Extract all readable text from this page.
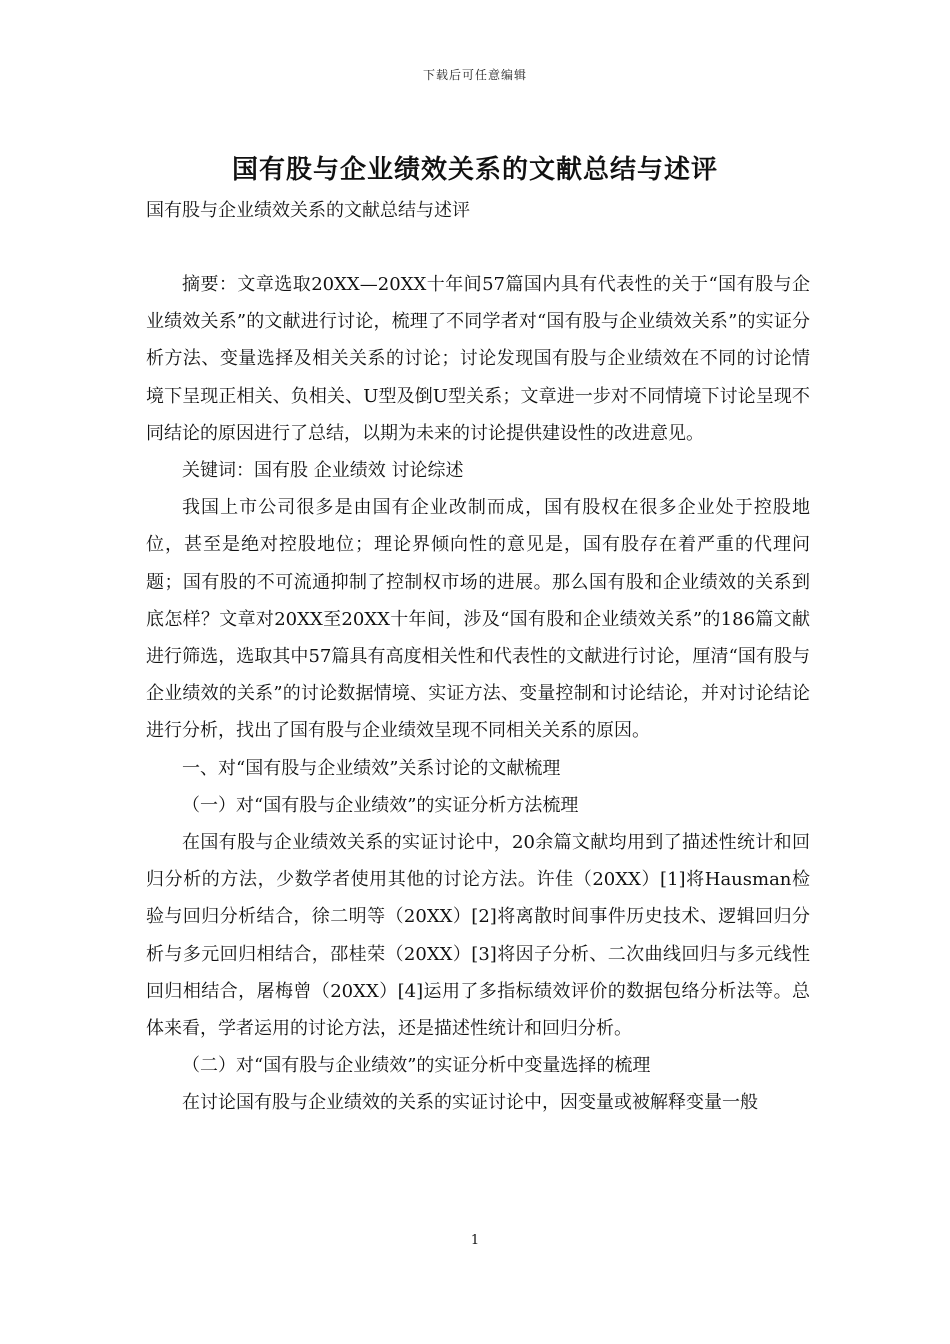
下载后可任意编辑
国有股与企业绩效关系的文献总结与述评
国有股与企业绩效关系的文献总结与述评

摘要：文章选取20XX—20XX十年间57篇国内具有代表性的关于“国有股与企业绩效关系”的文献进行讨论，梳理了不同学者对“国有股与企业绩效关系”的实证分析方法、变量选择及相关关系的讨论；讨论发现国有股与企业绩效在不同的讨论情境下呈现正相关、负相关、U型及倒U型关系；文章进一步对不同情境下讨论呈现不同结论的原因进行了总结，以期为未来的讨论提供建设性的改进意见。

关键词：国有股 企业绩效 讨论综述

我国上市公司很多是由国有企业改制而成，国有股权在很多企业处于控股地位，甚至是绝对控股地位；理论界倾向性的意见是，国有股存在着严重的代理问题；国有股的不可流通抑制了控制权市场的进展。那么国有股和企业绩效的关系到底怎样？文章对20XX至20XX十年间，涉及“国有股和企业绩效关系”的186篇文献进行筛选，选取其中57篇具有高度相关性和代表性的文献进行讨论，厘清“国有股与企业绩效的关系”的讨论数据情境、实证方法、变量控制和讨论结论，并对讨论结论进行分析，找出了国有股与企业绩效呈现不同相关关系的原因。

一、对“国有股与企业绩效”关系讨论的文献梳理

（一）对“国有股与企业绩效”的实证分析方法梳理

在国有股与企业绩效关系的实证讨论中，20余篇文献均用到了描述性统计和回归分析的方法，少数学者使用其他的讨论方法。许佳（20XX）[1]将Hausman检验与回归分析结合，徐二明等（20XX）[2]将离散时间事件历史技术、逻辑回归分析与多元回归相结合，邵桂荣（20XX）[3]将因子分析、二次曲线回归与多元线性回归相结合，屠梅曾（20XX）[4]运用了多指标绩效评价的数据包络分析法等。总体来看，学者运用的讨论方法，还是描述性统计和回归分析。

（二）对“国有股与企业绩效”的实证分析中变量选择的梳理

在讨论国有股与企业绩效的关系的实证讨论中，因变量或被解释变量一般

1
